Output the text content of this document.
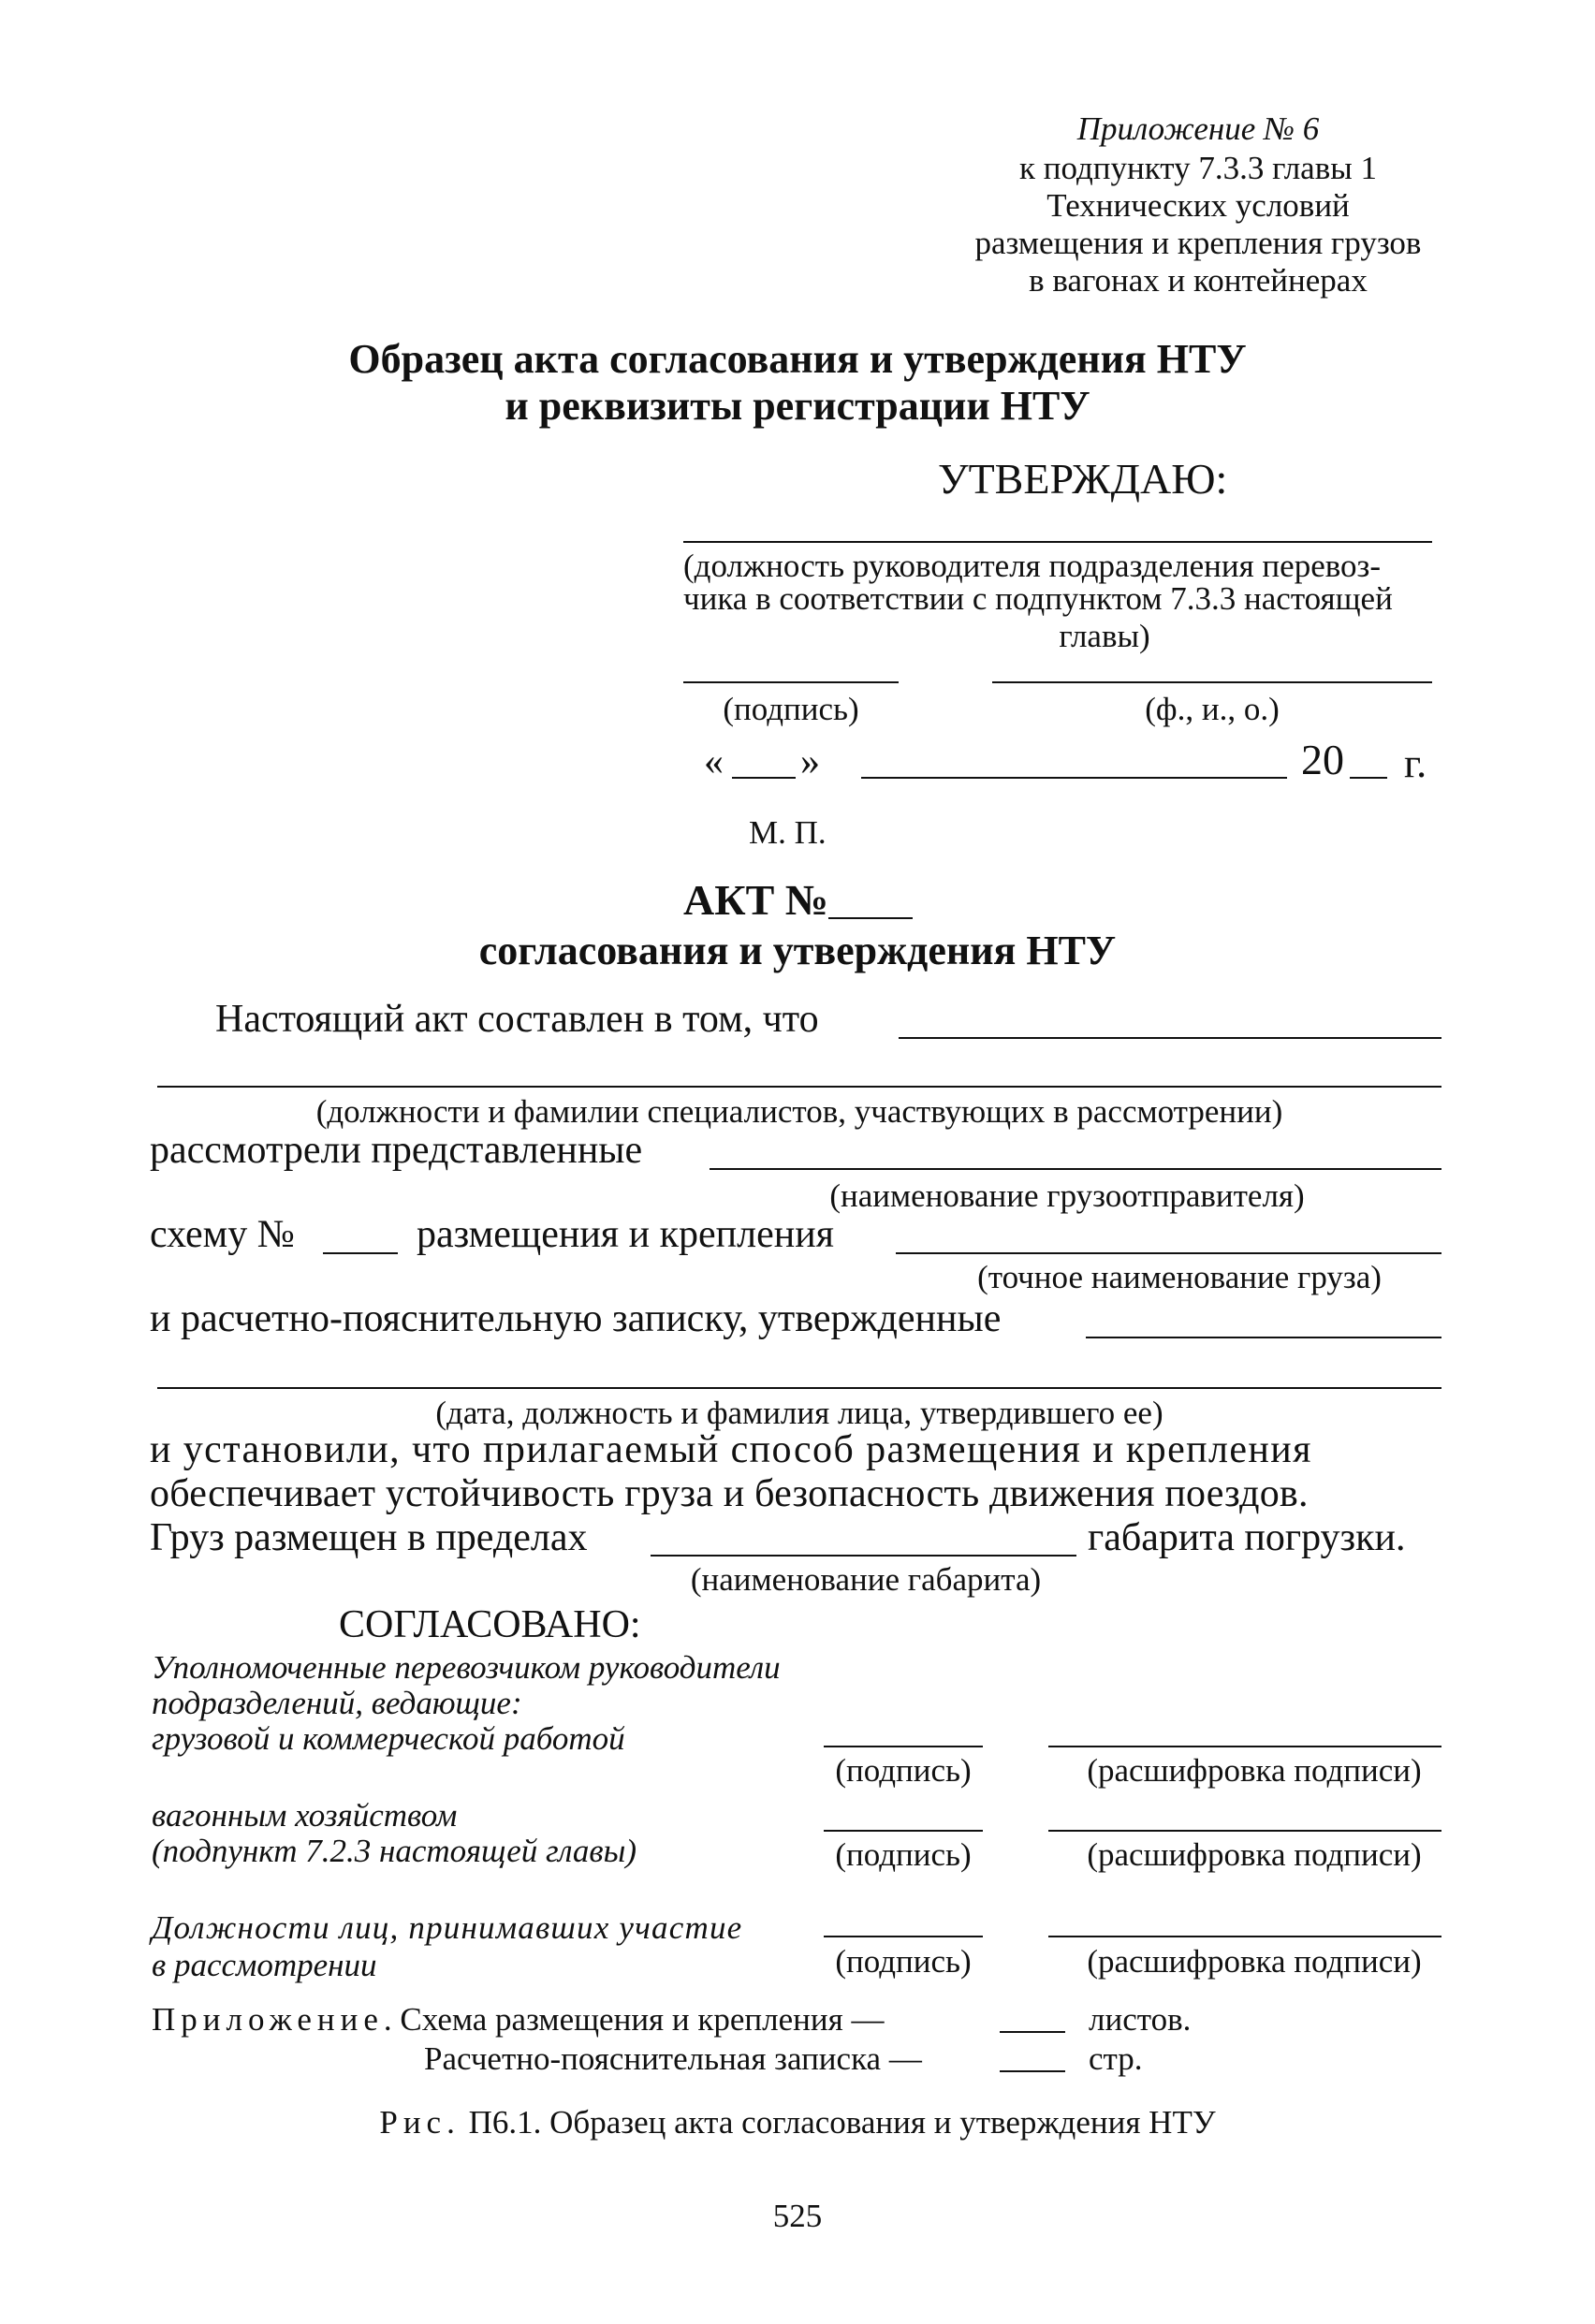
Приложение № 6
к подпункту 7.3.3 главы 1
Технических условий
размещения и крепления грузов
в вагонах и контейнерах
Образец акта согласования и утверждения НТУ
и реквизиты регистрации НТУ
УТВЕРЖДАЮ:
(должность руководителя подразделения перевоз-
чика в соответствии с подпунктом 7.3.3 настоящей
главы)
(подпись)	(ф., и., о.)
« »	20 г.
М. П.
АКТ №
согласования и утверждения НТУ
Настоящий акт составлен в том, что
(должности и фамилии специалистов, участвующих в рассмотрении)
рассмотрели представленные
(наименование грузоотправителя)
схему №	размещения и крепления
(точное наименование груза)
и расчетно-пояснительную записку, утвержденные
(дата, должность и фамилия лица, утвердившего ее)
и установили, что прилагаемый способ размещения и крепления
обеспечивает устойчивость груза и безопасность движения поездов.
Груз размещен в пределах	габарита погрузки.
(наименование габарита)
СОГЛАСОВАНО:
Уполномоченные перевозчиком руководители
подразделений, ведающие:
грузовой и коммерческой работой
(подпись)	(расшифровка подписи)
вагонным хозяйством
(подпункт 7.2.3 настоящей главы)	(подпись)	(расшифровка подписи)
Должности лиц, принимавших участие
в рассмотрении	(подпись)	(расшифровка подписи)
Приложение. Схема размещения и крепления —	листов.
Расчетно-пояснительная записка —	стр.
Рис. П6.1. Образец акта согласования и утверждения НТУ
525
